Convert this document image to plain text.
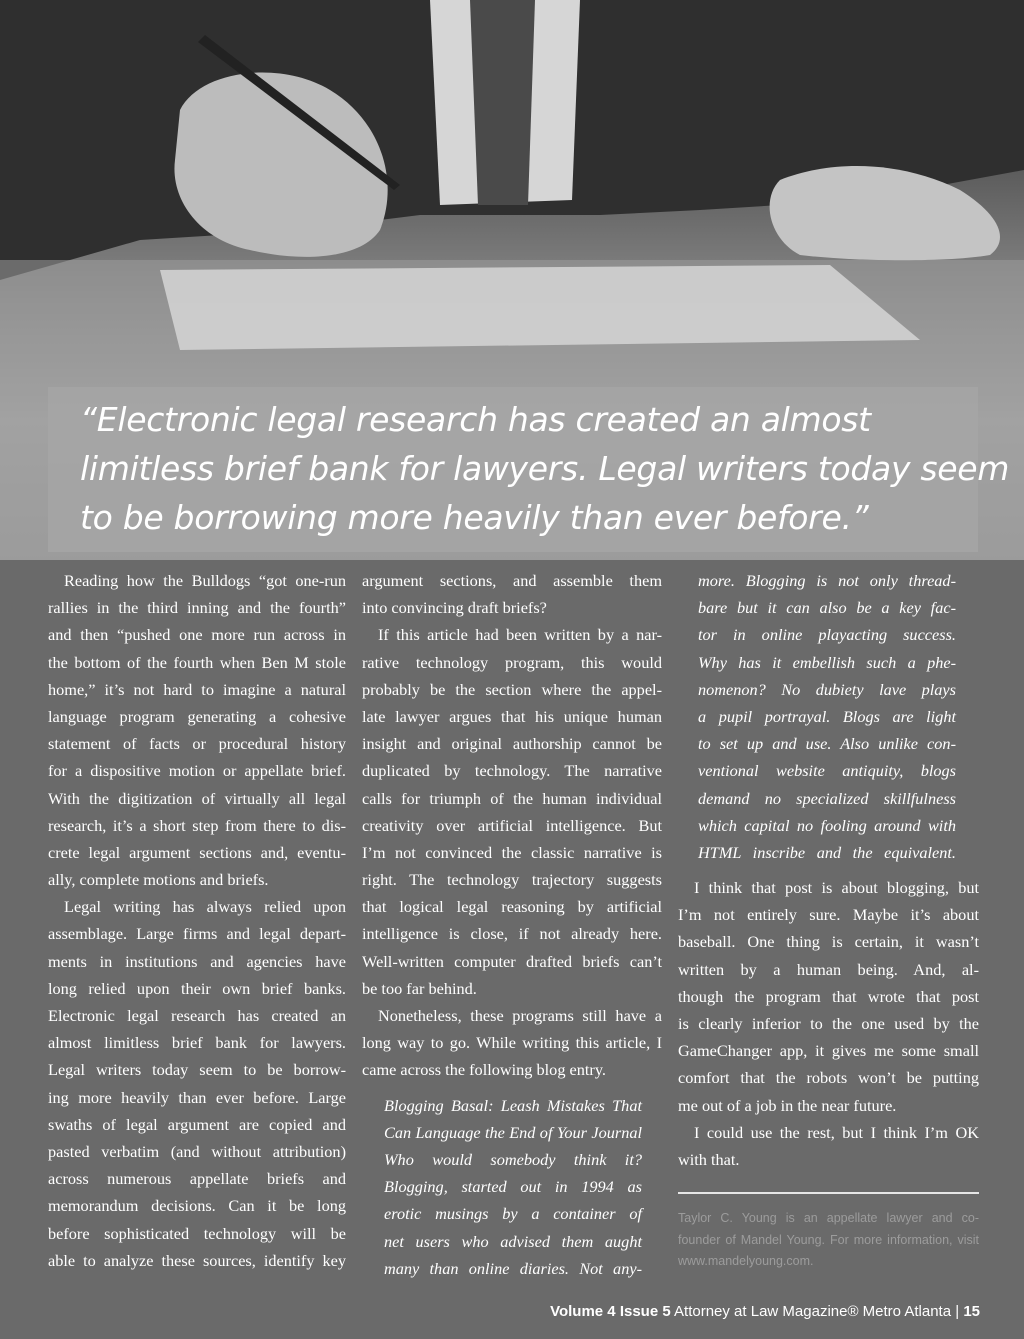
“Electronic legal research has created an almost
limitless brief bank for lawyers. Legal writers today seem
to be borrowing more heavily than ever before.”
Reading how the Bulldogs “got one-run
rallies in the third inning and the fourth”
and then “pushed one more run across in
the bottom of the fourth when Ben M stole
home,” it’s not hard to imagine a natural
language program generating a cohesive
statement of facts or procedural history
for a dispositive motion or appellate brief.
With the digitization of virtually all legal
research, it’s a short step from there to dis-
crete legal argument sections and, eventu-
ally, complete motions and briefs.
Legal writing has always relied upon
assemblage. Large firms and legal depart-
ments in institutions and agencies have
long relied upon their own brief banks.
Electronic legal research has created an
almost limitless brief bank for lawyers.
Legal writers today seem to be borrow-
ing more heavily than ever before. Large
swaths of legal argument are copied and
pasted verbatim (and without attribution)
across numerous appellate briefs and
memorandum decisions. Can it be long
before sophisticated technology will be
able to analyze these sources, identify key
argument sections, and assemble them
into convincing draft briefs?
If this article had been written by a nar-
rative technology program, this would
probably be the section where the appel-
late lawyer argues that his unique human
insight and original authorship cannot be
duplicated by technology. The narrative
calls for triumph of the human individual
creativity over artificial intelligence. But
I’m not convinced the classic narrative is
right. The technology trajectory suggests
that logical legal reasoning by artificial
intelligence is close, if not already here.
Well-written computer drafted briefs can’t
be too far behind.
Nonetheless, these programs still have a
long way to go. While writing this article, I
came across the following blog entry.
Blogging Basal: Leash Mistakes That
Can Language the End of Your Journal
Who would somebody think it?
Blogging, started out in 1994 as
erotic musings by a container of
net users who advised them aught
many than online diaries. Not any-
more. Blogging is not only thread-
bare but it can also be a key fac-
tor in online playacting success.
Why has it embellish such a phe-
nomenon? No dubiety lave plays
a pupil portrayal. Blogs are light
to set up and use. Also unlike con-
ventional website antiquity, blogs
demand no specialized skillfulness
which capital no fooling around with
HTML inscribe and the equivalent.
I think that post is about blogging, but
I’m not entirely sure. Maybe it’s about
baseball. One thing is certain, it wasn’t
written by a human being. And, al-
though the program that wrote that post
is clearly inferior to the one used by the
GameChanger app, it gives me some small
comfort that the robots won’t be putting
me out of a job in the near future.
I could use the rest, but I think I’m OK
with that.
Taylor C. Young is an appellate lawyer and co-
founder of Mandel Young. For more information, visit
www.mandelyoung.com.
Volume 4 Issue 5 Attorney at Law Magazine® Metro Atlanta | 15
